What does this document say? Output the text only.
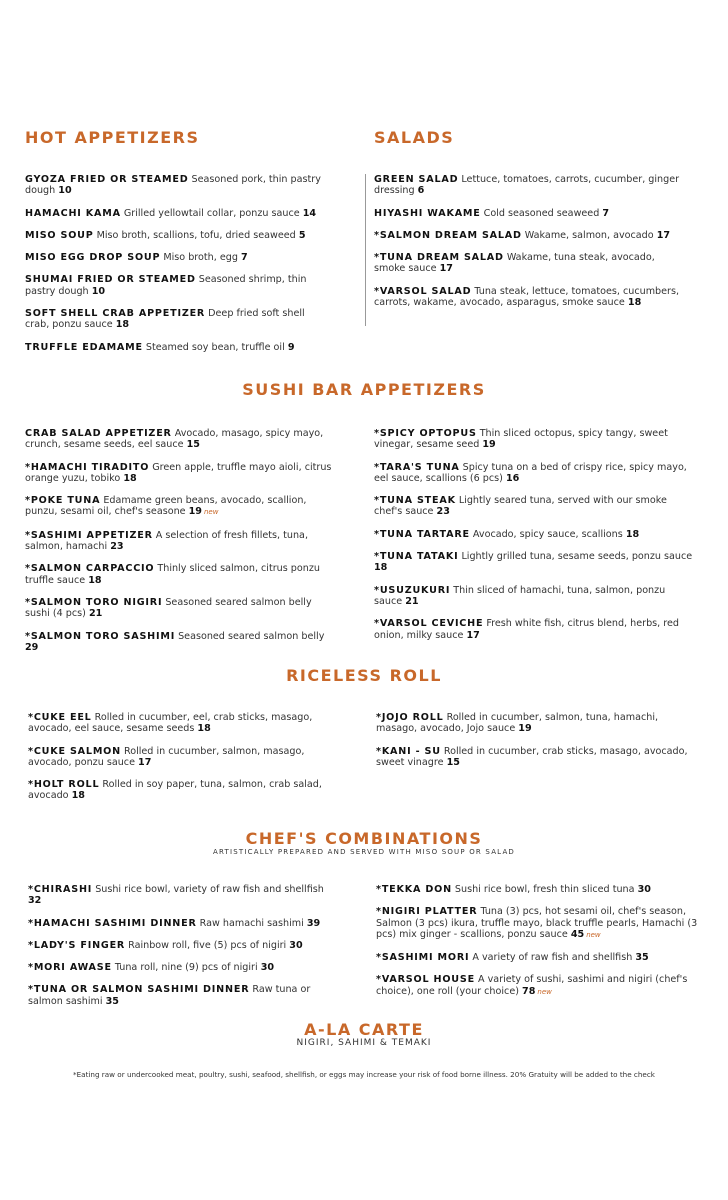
HOT APPETIZERS

GYOZA FRIED OR STEAMED Seasoned pork, thin pastry dough 10

HAMACHI KAMA Grilled yellowtail collar, ponzu sauce 14

MISO SOUP Miso broth, scallions, tofu, dried seaweed 5

MISO EGG DROP SOUP Miso broth, egg 7

SHUMAI FRIED OR STEAMED Seasoned shrimp, thin pastry dough 10

SOFT SHELL CRAB APPETIZER Deep fried soft shell crab, ponzu sauce 18

TRUFFLE EDAMAME Steamed soy bean, truffle oil 9

SALADS

GREEN SALAD Lettuce, tomatoes, carrots, cucumber, ginger dressing 6

HIYASHI WAKAME Cold seasoned seaweed 7

*SALMON DREAM SALAD Wakame, salmon, avocado 17

*TUNA DREAM SALAD Wakame, tuna steak, avocado, smoke sauce 17

*VARSOL SALAD Tuna steak, lettuce, tomatoes, cucumbers, carrots, wakame, avocado, asparagus, smoke sauce 18

SUSHI BAR APPETIZERS

CRAB SALAD APPETIZER Avocado, masago, spicy mayo, crunch, sesame seeds, eel sauce 15

*HAMACHI TIRADITO Green apple, truffle mayo aioli, citrus orange yuzu, tobiko 18

*POKE TUNA Edamame green beans, avocado, scallion, punzu, sesami oil, chef's seasone 19 new

*SASHIMI APPETIZER A selection of fresh fillets, tuna, salmon, hamachi 23

*SALMON CARPACCIO Thinly sliced salmon, citrus ponzu truffle sauce 18

*SALMON TORO NIGIRI Seasoned seared salmon belly sushi (4 pcs) 21

*SALMON TORO SASHIMI Seasoned seared salmon belly 29

*SPICY OPTOPUS Thin sliced octopus, spicy tangy, sweet vinegar, sesame seed 19

*TARA'S TUNA Spicy tuna on a bed of crispy rice, spicy mayo, eel sauce, scallions (6 pcs) 16

*TUNA STEAK Lightly seared tuna, served with our smoke chef's sauce 23

*TUNA TARTARE Avocado, spicy sauce, scallions 18

*TUNA TATAKI Lightly grilled tuna, sesame seeds, ponzu sauce 18

*USUZUKURI Thin sliced of hamachi, tuna, salmon, ponzu sauce 21

*VARSOL CEVICHE Fresh white fish, citrus blend, herbs, red onion, milky sauce 17

RICELESS ROLL

*CUKE EEL Rolled in cucumber, eel, crab sticks, masago, avocado, eel sauce, sesame seeds 18

*CUKE SALMON Rolled in cucumber, salmon, masago, avocado, ponzu sauce 17

*HOLT ROLL Rolled in soy paper, tuna, salmon, crab salad, avocado 18

*JOJO ROLL Rolled in cucumber, salmon, tuna, hamachi, masago, avocado, Jojo sauce 19

*KANI - SU Rolled in cucumber, crab sticks, masago, avocado, sweet vinagre 15

CHEF'S COMBINATIONS
ARTISTICALLY PREPARED AND SERVED WITH MISO SOUP OR SALAD

*CHIRASHI Sushi rice bowl, variety of raw fish and shellfish 32

*HAMACHI SASHIMI DINNER Raw hamachi sashimi 39

*LADY'S FINGER Rainbow roll, five (5) pcs of nigiri 30

*MORI AWASE Tuna roll, nine (9) pcs of nigiri 30

*TUNA OR SALMON SASHIMI DINNER Raw tuna or salmon sashimi 35

*TEKKA DON Sushi rice bowl, fresh thin sliced tuna 30

*NIGIRI PLATTER Tuna (3) pcs, hot sesami oil, chef's season, Salmon (3 pcs) ikura, truffle mayo, black truffle pearls, Hamachi (3 pcs) mix ginger - scallions, ponzu sauce 45 new

*SASHIMI MORI A variety of raw fish and shellfish 35

*VARSOL HOUSE A variety of sushi, sashimi and nigiri (chef's choice), one roll (your choice) 78 new

A-LA CARTE
NIGIRI, SAHIMI & TEMAKI
*Eating raw or undercooked meat, poultry, sushi, seafood, shellfish, or eggs may increase your risk of food borne illness. 20% Gratuity will be added to the check
